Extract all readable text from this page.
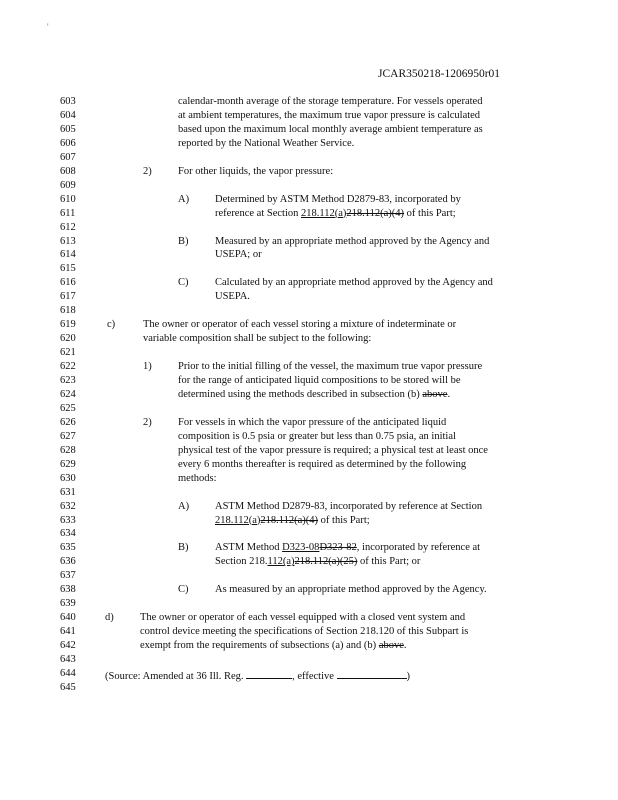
'
JCAR350218-1206950r01
603	calendar-month average of the storage temperature. For vessels operated
604	at ambient temperatures, the maximum true vapor pressure is calculated
605	based upon the maximum local monthly average ambient temperature as
606	reported by the National Weather Service.
607
608	2)	For other liquids, the vapor pressure:
609
610	A) Determined by ASTM Method D2879-83, incorporated by
611	reference at Section 218.112(a)218.112(a)(4) of this Part;
612
613	B)	Measured by an appropriate method approved by the Agency and
614	USEPA; or
615
616	C)	Calculated by an appropriate method approved by the Agency and
617	USEPA.
618
619	c)	The owner or operator of each vessel storing a mixture of indeterminate or
620	variable composition shall be subject to the following:
621
622	1)	Prior to the initial filling of the vessel, the maximum true vapor pressure
623	for the range of anticipated liquid compositions to be stored will be
624	determined using the methods described in subsection (b) above.
625
626	2)	For vessels in which the vapor pressure of the anticipated liquid
627	composition is 0.5 psia or greater but less than 0.75 psia, an initial
628	physical test of the vapor pressure is required; a physical test at least once
629	every 6 months thereafter is required as determined by the following
630	methods:
631
632	A) ASTM Method D2879-83, incorporated by reference at Section
633	218.112(a)218.112(a)(4) of this Part;
634
635	B)	ASTM Method D323-08D323-82, incorporated by reference at
636	Section 218.112(a)218.112(a)(25) of this Part; or
637
638	C)	As measured by an appropriate method approved by the Agency.
639
640	d)	The owner or operator of each vessel equipped with a closed vent system and
641	control device meeting the specifications of Section 218.120 of this Subpart is
642	exempt from the requirements of subsections (a) and (b) above.
643
644	(Source: Amended at 36 Ill. Reg.	, effective	)
645
